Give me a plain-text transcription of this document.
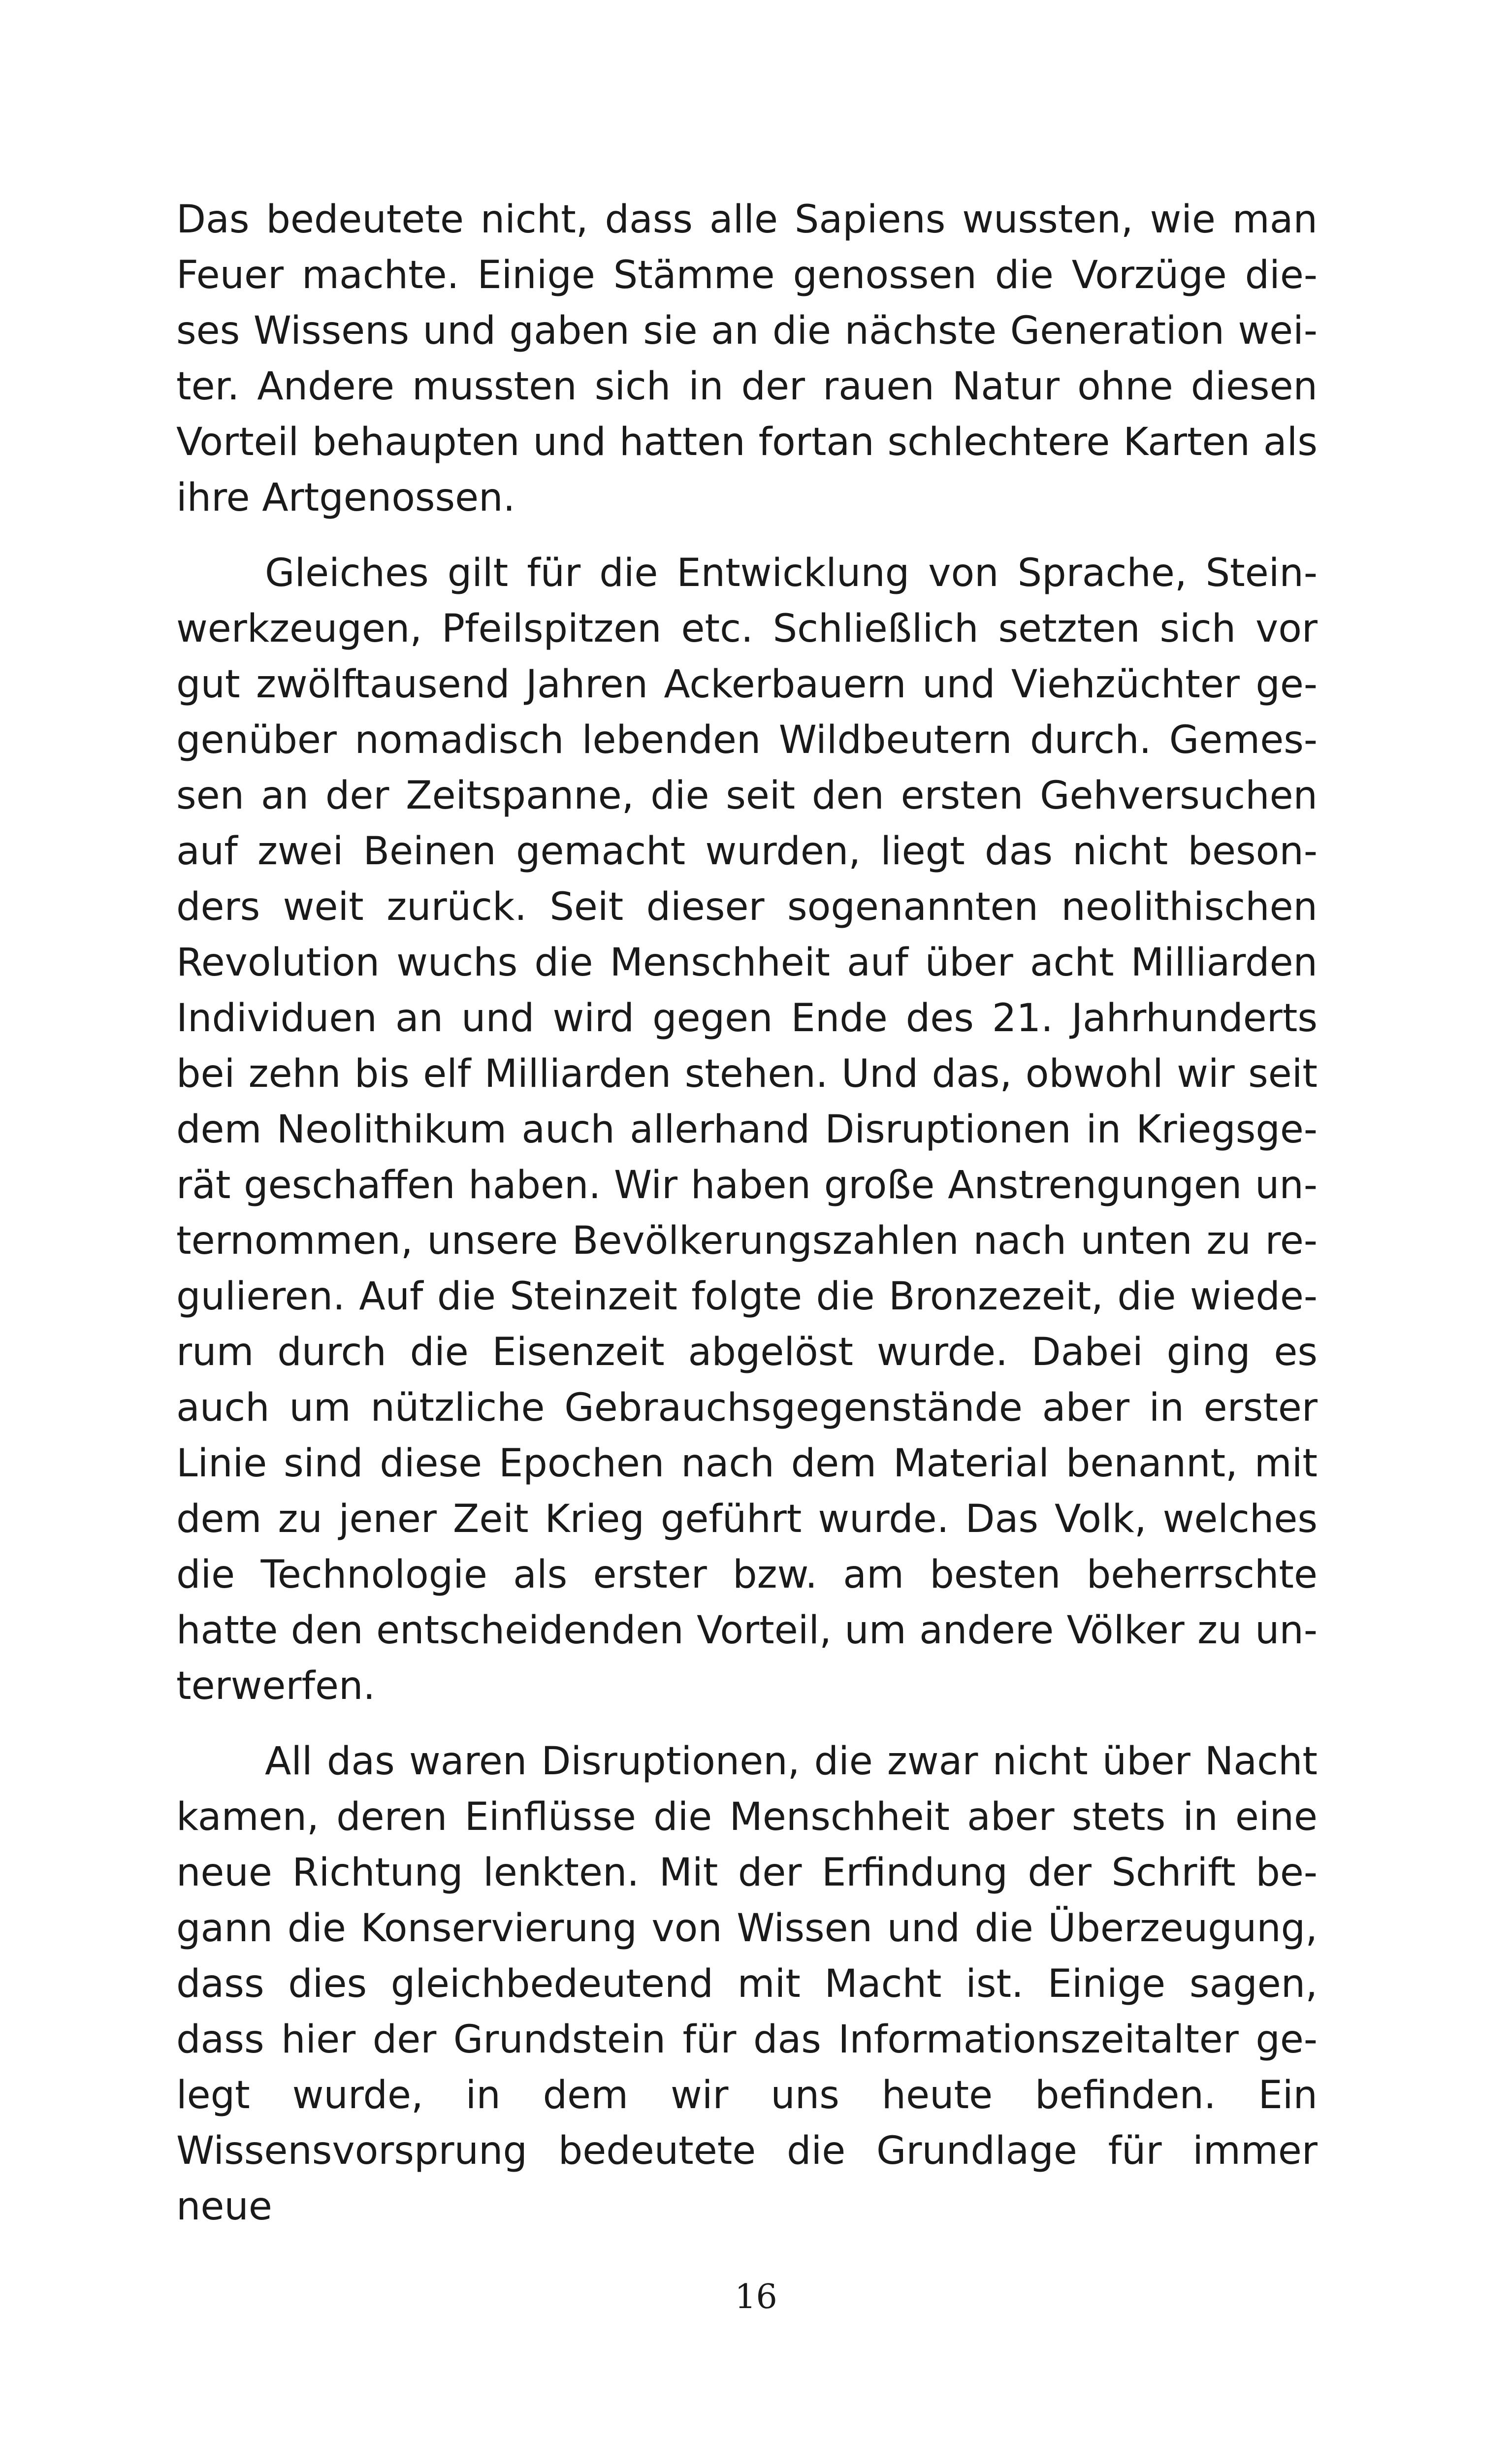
Das bedeutete nicht, dass alle Sapiens wussten, wie man Feuer machte. Einige Stämme genossen die Vorzüge dieses Wissens und gaben sie an die nächste Generation weiter. Andere mussten sich in der rauen Natur ohne diesen Vorteil behaupten und hatten fortan schlechtere Karten als ihre Artgenossen.

Gleiches gilt für die Entwicklung von Sprache, Steinwerkzeugen, Pfeilspitzen etc. Schließlich setzten sich vor gut zwölftausend Jahren Ackerbauern und Viehzüchter gegenüber nomadisch lebenden Wildbeutern durch. Gemessen an der Zeitspanne, die seit den ersten Gehversuchen auf zwei Beinen gemacht wurden, liegt das nicht besonders weit zurück. Seit dieser sogenannten neolithischen Revolution wuchs die Menschheit auf über acht Milliarden Individuen an und wird gegen Ende des 21. Jahrhunderts bei zehn bis elf Milliarden stehen. Und das, obwohl wir seit dem Neolithikum auch allerhand Disruptionen in Kriegsgerät geschaffen haben. Wir haben große Anstrengungen unternommen, unsere Bevölkerungszahlen nach unten zu regulieren. Auf die Steinzeit folgte die Bronzezeit, die wiederum durch die Eisenzeit abgelöst wurde. Dabei ging es auch um nützliche Gebrauchsgegenstände aber in erster Linie sind diese Epochen nach dem Material benannt, mit dem zu jener Zeit Krieg geführt wurde. Das Volk, welches die Technologie als erster bzw. am besten beherrschte hatte den entscheidenden Vorteil, um andere Völker zu unterwerfen.

All das waren Disruptionen, die zwar nicht über Nacht kamen, deren Einflüsse die Menschheit aber stets in eine neue Richtung lenkten. Mit der Erfindung der Schrift begann die Konservierung von Wissen und die Überzeugung, dass dies gleichbedeutend mit Macht ist. Einige sagen, dass hier der Grundstein für das Informationszeitalter gelegt wurde, in dem wir uns heute befinden. Ein Wissensvorsprung bedeutete die Grundlage für immer neue

16
